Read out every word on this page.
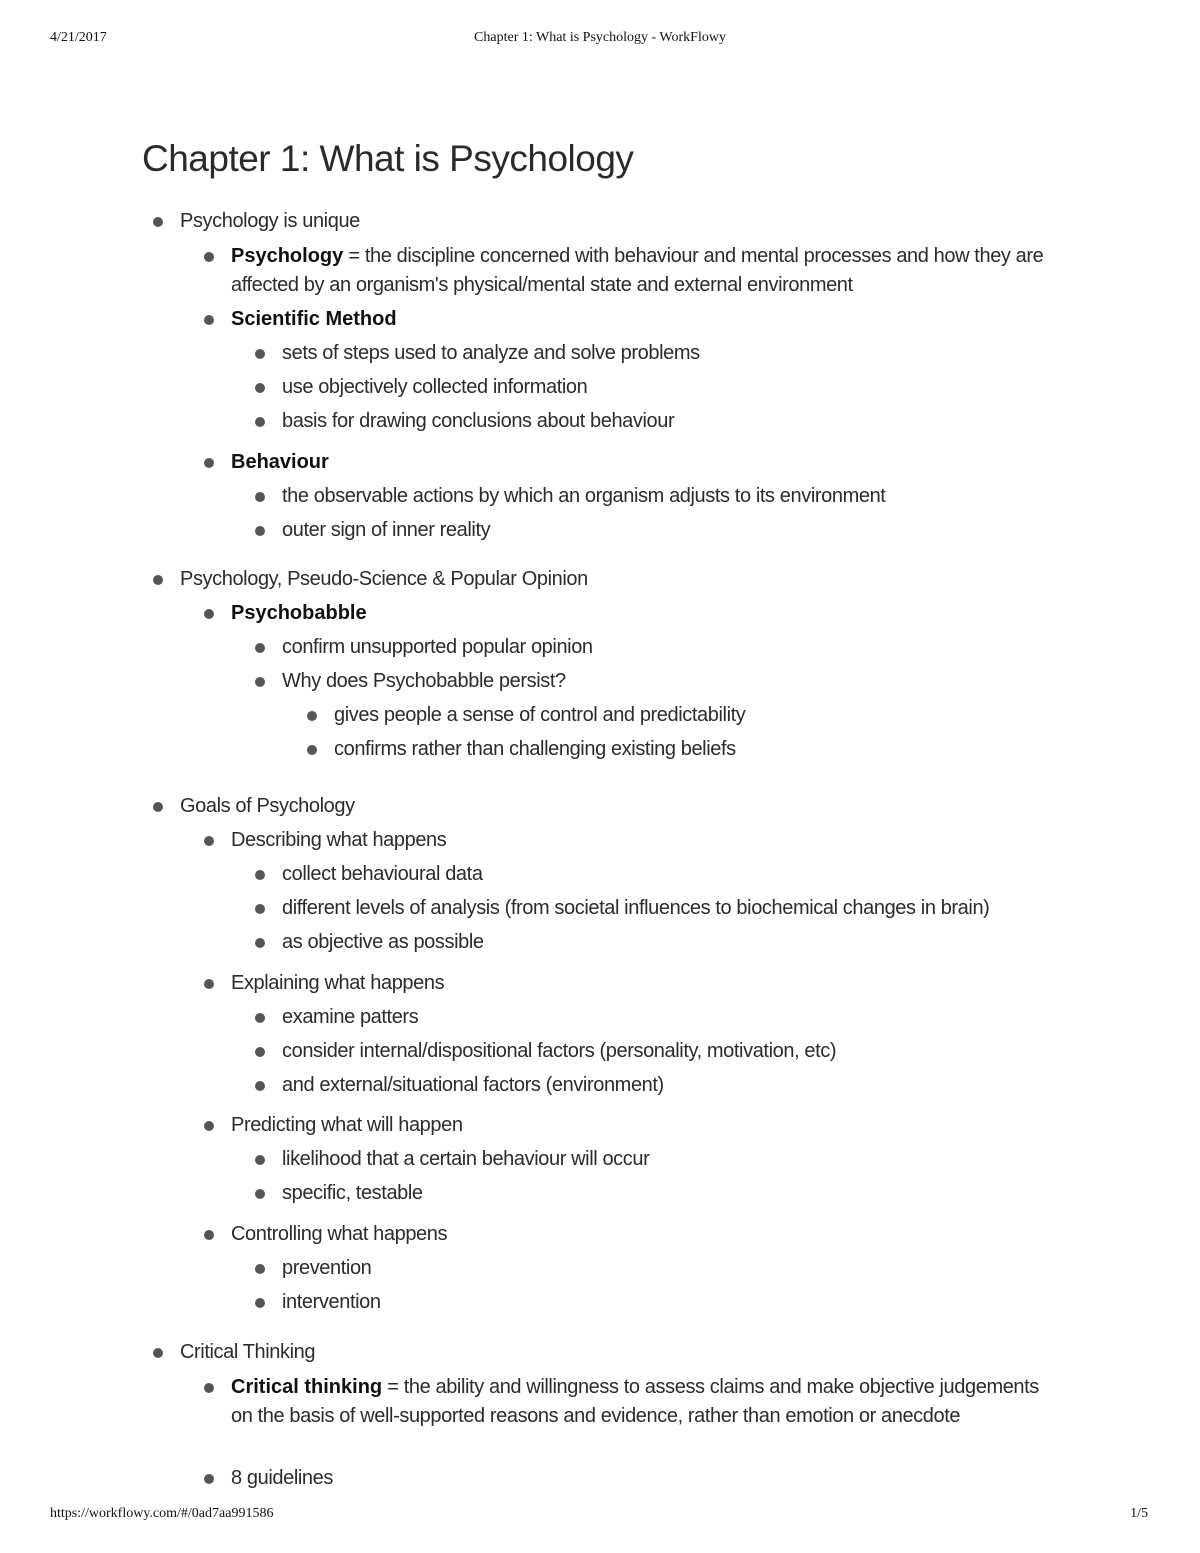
4/21/2017	Chapter 1: What is Psychology - WorkFlowy
Chapter 1: What is Psychology
Psychology is unique
Psychology = the discipline concerned with behaviour and mental processes and how they are affected by an organism's physical/mental state and external environment
Scientific Method
sets of steps used to analyze and solve problems
use objectively collected information
basis for drawing conclusions about behaviour
Behaviour
the observable actions by which an organism adjusts to its environment
outer sign of inner reality
Psychology, Pseudo-Science & Popular Opinion
Psychobabble
confirm unsupported popular opinion
Why does Psychobabble persist?
gives people a sense of control and predictability
confirms rather than challenging existing beliefs
Goals of Psychology
Describing what happens
collect behavioural data
different levels of analysis (from societal influences to biochemical changes in brain)
as objective as possible
Explaining what happens
examine patters
consider internal/dispositional factors (personality, motivation, etc)
and external/situational factors (environment)
Predicting what will happen
likelihood that a certain behaviour will occur
specific, testable
Controlling what happens
prevention
intervention
Critical Thinking
Critical thinking = the ability and willingness to assess claims and make objective judgements on the basis of well-supported reasons and evidence, rather than emotion or anecdote
8 guidelines
https://workflowy.com/#/0ad7aa991586	1/5
